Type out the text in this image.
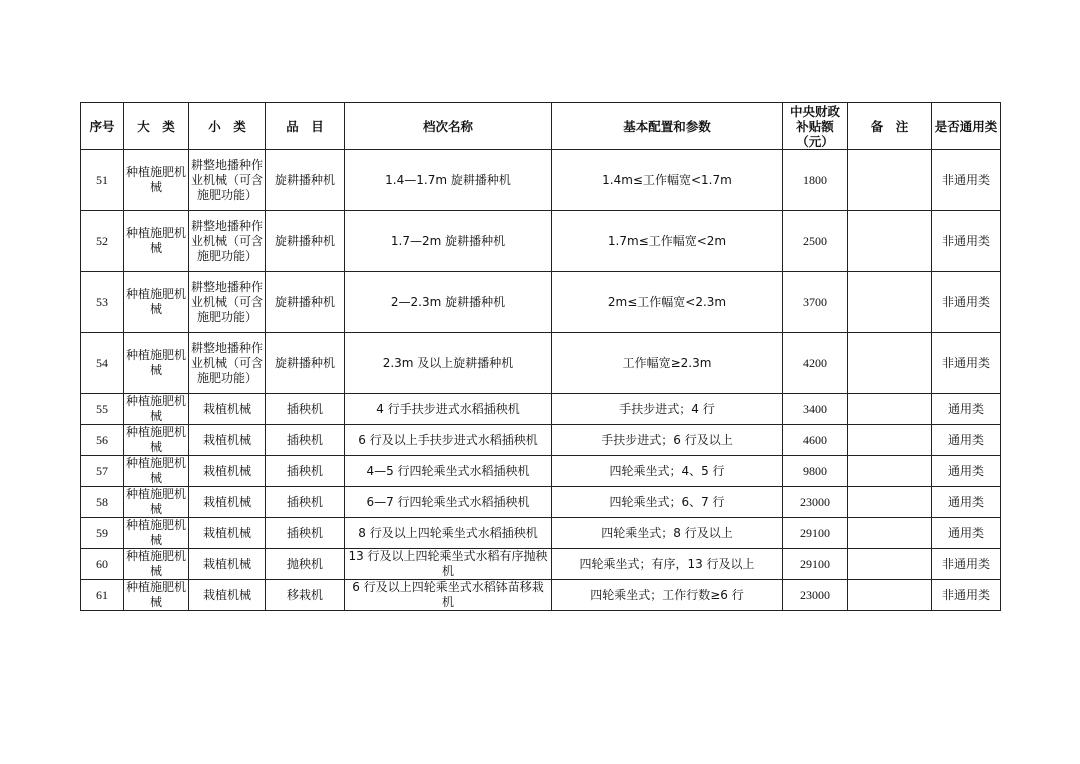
序号	大　类	小　类	品　目	档次名称	基本配置和参数	中央财政补贴额（元）	备　注	是否通用类
51	种植施肥机械	耕整地播种作业机械（可含施肥功能）	旋耕播种机	1.4—1.7m 旋耕播种机	1.4m≤工作幅宽<1.7m	1800		非通用类
52	种植施肥机械	耕整地播种作业机械（可含施肥功能）	旋耕播种机	1.7—2m 旋耕播种机	1.7m≤工作幅宽<2m	2500		非通用类
53	种植施肥机械	耕整地播种作业机械（可含施肥功能）	旋耕播种机	2—2.3m 旋耕播种机	2m≤工作幅宽<2.3m	3700		非通用类
54	种植施肥机械	耕整地播种作业机械（可含施肥功能）	旋耕播种机	2.3m 及以上旋耕播种机	工作幅宽≥2.3m	4200		非通用类
55	种植施肥机械	栽植机械	插秧机	4 行手扶步进式水稻插秧机	手扶步进式；4 行	3400		通用类
56	种植施肥机械	栽植机械	插秧机	6 行及以上手扶步进式水稻插秧机	手扶步进式；6 行及以上	4600		通用类
57	种植施肥机械	栽植机械	插秧机	4—5 行四轮乘坐式水稻插秧机	四轮乘坐式；4、5 行	9800		通用类
58	种植施肥机械	栽植机械	插秧机	6—7 行四轮乘坐式水稻插秧机	四轮乘坐式；6、7 行	23000		通用类
59	种植施肥机械	栽植机械	插秧机	8 行及以上四轮乘坐式水稻插秧机	四轮乘坐式；8 行及以上	29100		通用类
60	种植施肥机械	栽植机械	抛秧机	13 行及以上四轮乘坐式水稻有序抛秧机	四轮乘坐式；有序，13 行及以上	29100		非通用类
61	种植施肥机械	栽植机械	移栽机	6 行及以上四轮乘坐式水稻钵苗移栽机	四轮乘坐式；工作行数≥6 行	23000		非通用类
